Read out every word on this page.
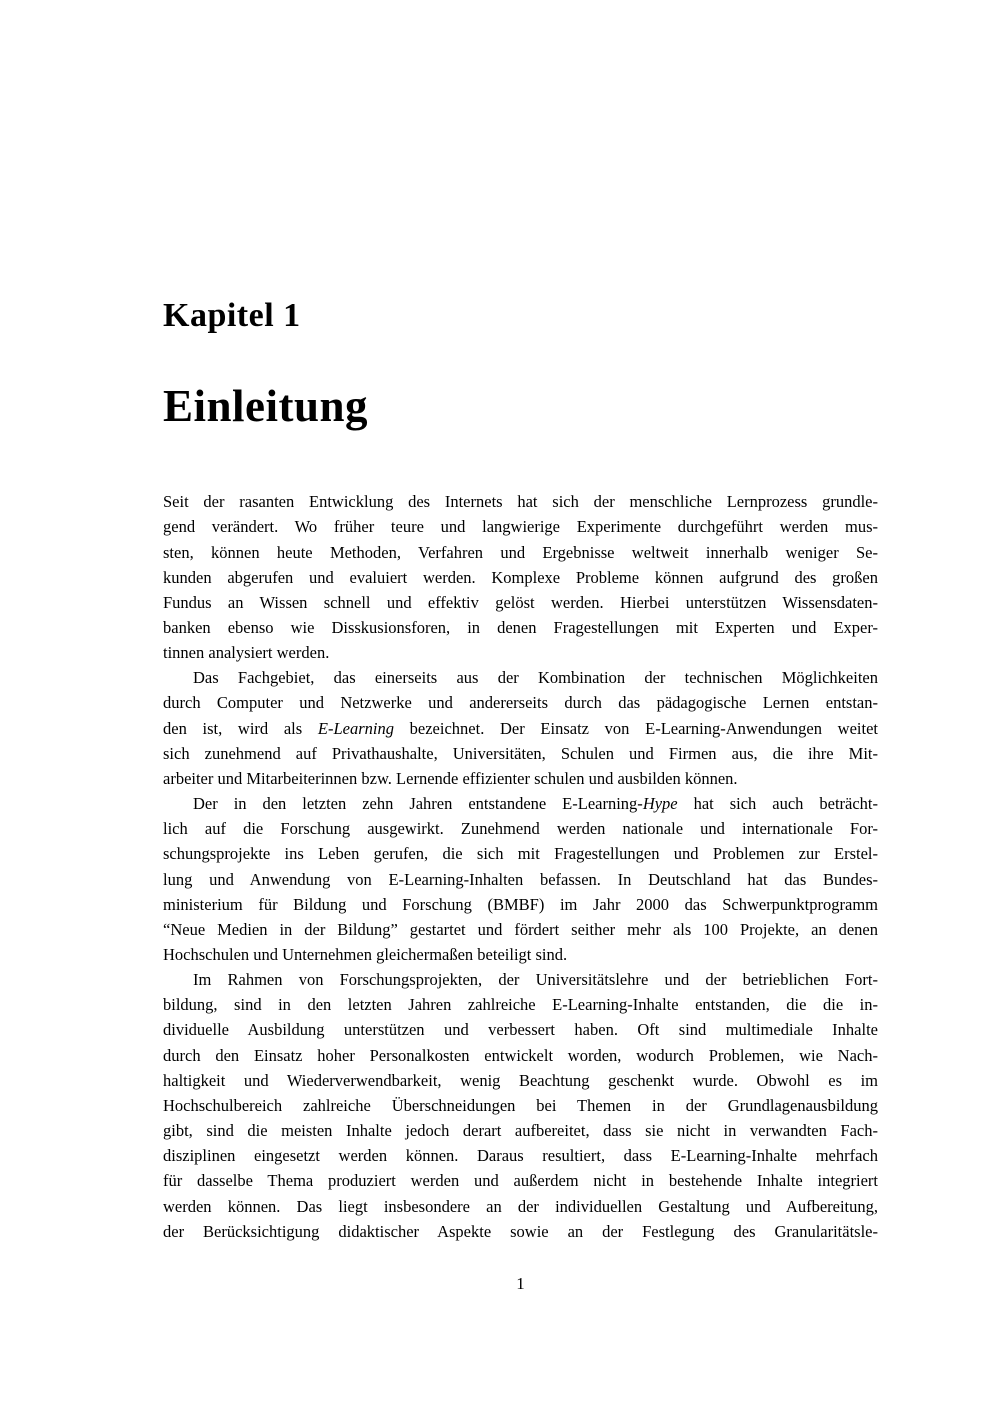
Kapitel 1
Einleitung
Seit der rasanten Entwicklung des Internets hat sich der menschliche Lernprozess grundle-
gend verändert. Wo früher teure und langwierige Experimente durchgeführt werden mus-
sten, können heute Methoden, Verfahren und Ergebnisse weltweit innerhalb weniger Se-
kunden abgerufen und evaluiert werden. Komplexe Probleme können aufgrund des großen
Fundus an Wissen schnell und effektiv gelöst werden. Hierbei unterstützen Wissensdaten-
banken ebenso wie Disskusionsforen, in denen Fragestellungen mit Experten und Exper-
tinnen analysiert werden.
Das Fachgebiet, das einerseits aus der Kombination der technischen Möglichkeiten
durch Computer und Netzwerke und andererseits durch das pädagogische Lernen entstan-
den ist, wird als E-Learning bezeichnet. Der Einsatz von E-Learning-Anwendungen weitet
sich zunehmend auf Privathaushalte, Universitäten, Schulen und Firmen aus, die ihre Mit-
arbeiter und Mitarbeiterinnen bzw. Lernende effizienter schulen und ausbilden können.
Der in den letzten zehn Jahren entstandene E-Learning-Hype hat sich auch beträcht-
lich auf die Forschung ausgewirkt. Zunehmend werden nationale und internationale For-
schungsprojekte ins Leben gerufen, die sich mit Fragestellungen und Problemen zur Erstel-
lung und Anwendung von E-Learning-Inhalten befassen. In Deutschland hat das Bundes-
ministerium für Bildung und Forschung (BMBF) im Jahr 2000 das Schwerpunktprogramm
“Neue Medien in der Bildung” gestartet und fördert seither mehr als 100 Projekte, an denen
Hochschulen und Unternehmen gleichermaßen beteiligt sind.
Im Rahmen von Forschungsprojekten, der Universitätslehre und der betrieblichen Fort-
bildung, sind in den letzten Jahren zahlreiche E-Learning-Inhalte entstanden, die die in-
dividuelle Ausbildung unterstützen und verbessert haben. Oft sind multimediale Inhalte
durch den Einsatz hoher Personalkosten entwickelt worden, wodurch Problemen, wie Nach-
haltigkeit und Wiederverwendbarkeit, wenig Beachtung geschenkt wurde. Obwohl es im
Hochschulbereich zahlreiche Überschneidungen bei Themen in der Grundlagenausbildung
gibt, sind die meisten Inhalte jedoch derart aufbereitet, dass sie nicht in verwandten Fach-
disziplinen eingesetzt werden können. Daraus resultiert, dass E-Learning-Inhalte mehrfach
für dasselbe Thema produziert werden und außerdem nicht in bestehende Inhalte integriert
werden können. Das liegt insbesondere an der individuellen Gestaltung und Aufbereitung,
der Berücksichtigung didaktischer Aspekte sowie an der Festlegung des Granularitätsle-
1
